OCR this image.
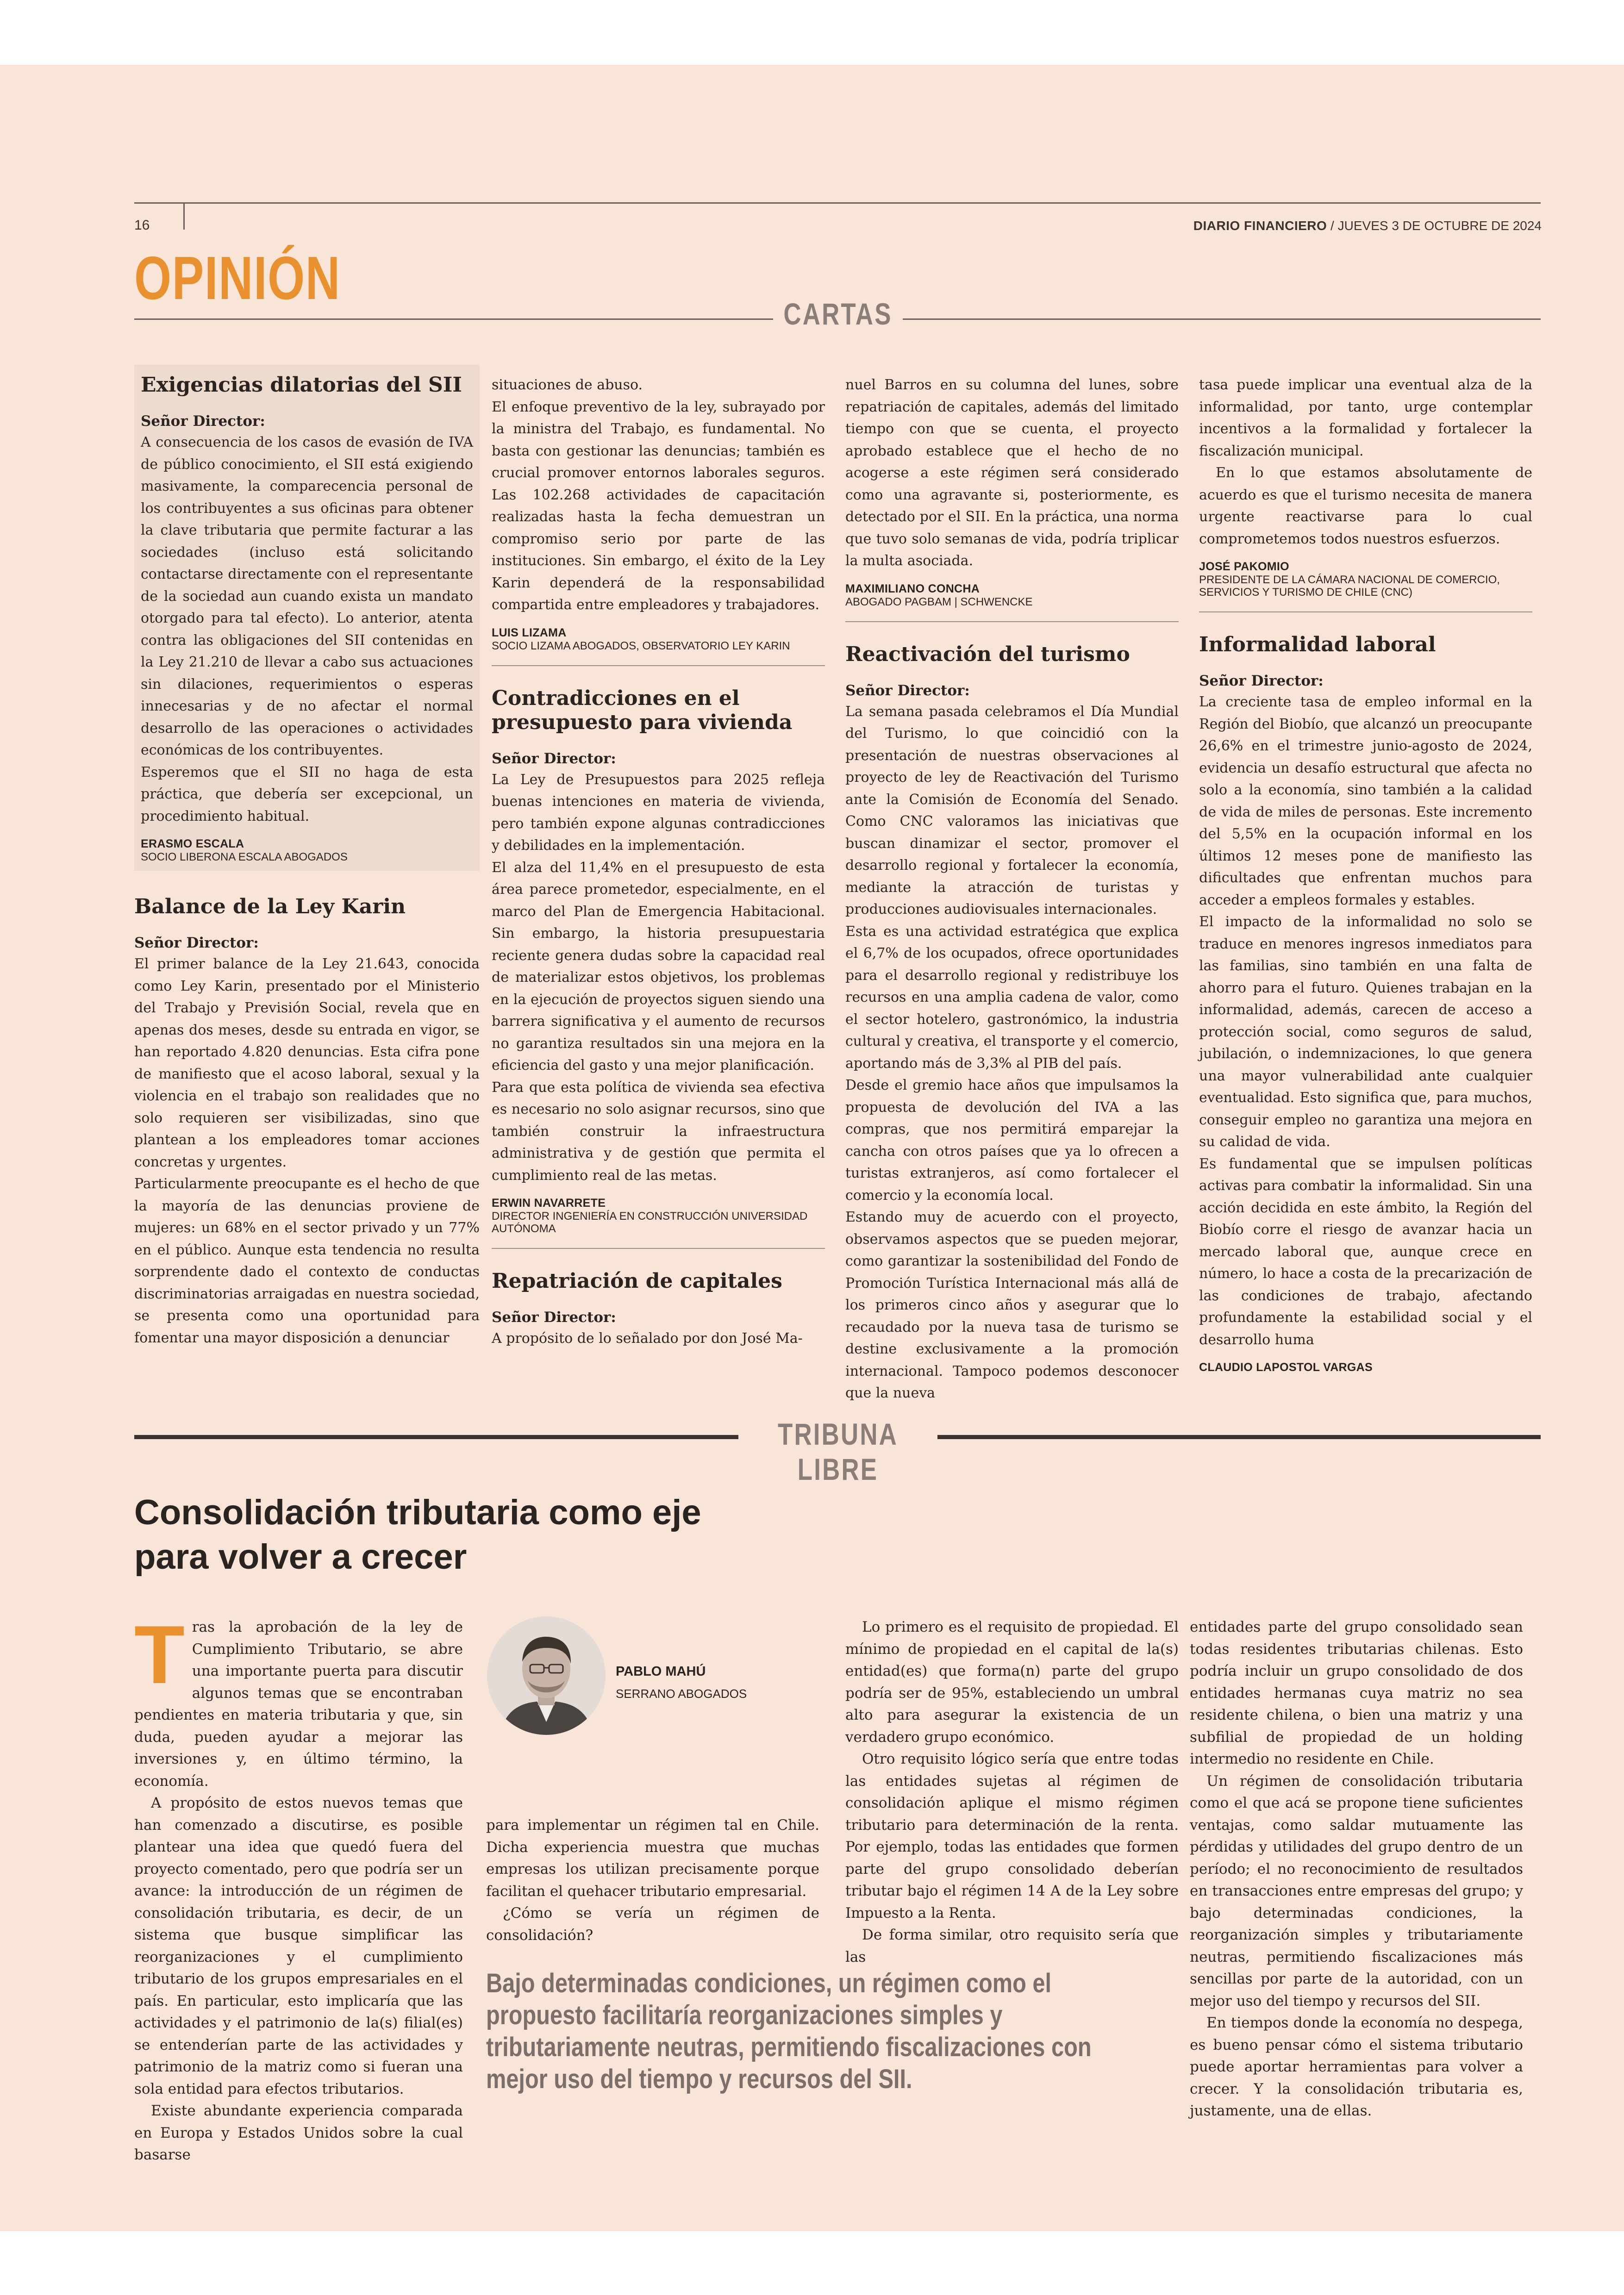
16	DIARIO FINANCIERO / JUEVES 3 DE OCTUBRE DE 2024
OPINIÓN
CARTAS
Exigencias dilatorias del SII

Señor Director:

A consecuencia de los casos de evasión de IVA de público conocimiento, el SII está exigiendo masivamente, la comparecencia personal de los contribuyentes a sus oficinas para obtener la clave tributaria que permite facturar a las sociedades (incluso está solicitando contactarse directamente con el representante de la sociedad aun cuando exista un mandato otorgado para tal efecto). Lo anterior, atenta contra las obligaciones del SII contenidas en la Ley 21.210 de llevar a cabo sus actuaciones sin dilaciones, requerimientos o esperas innecesarias y de no afectar el normal desarrollo de las operaciones o actividades económicas de los contribuyentes.

Esperemos que el SII no haga de esta práctica, que debería ser excepcional, un procedimiento habitual.

ERASMO ESCALA

SOCIO LIBERONA ESCALA ABOGADOS

Balance de la Ley Karin

Señor Director:

El primer balance de la Ley 21.643, conocida como Ley Karin, presentado por el Ministerio del Trabajo y Previsión Social, revela que en apenas dos meses, desde su entrada en vigor, se han reportado 4.820 denuncias. Esta cifra pone de manifiesto que el acoso laboral, sexual y la violencia en el trabajo son realidades que no solo requieren ser visibilizadas, sino que plantean a los empleadores tomar acciones concretas y urgentes.

Particularmente preocupante es el hecho de que la mayoría de las denuncias proviene de mujeres: un 68% en el sector privado y un 77% en el público. Aunque esta tendencia no resulta sorprendente dado el contexto de conductas discriminatorias arraigadas en nuestra sociedad, se presenta como una oportunidad para fomentar una mayor disposición a denunciar

situaciones de abuso.

El enfoque preventivo de la ley, subrayado por la ministra del Trabajo, es fundamental. No basta con gestionar las denuncias; también es crucial promover entornos laborales seguros. Las 102.268 actividades de capacitación realizadas hasta la fecha demuestran un compromiso serio por parte de las instituciones. Sin embargo, el éxito de la Ley Karin dependerá de la responsabilidad compartida entre empleadores y trabajadores.

LUIS LIZAMA

SOCIO LIZAMA ABOGADOS, OBSERVATORIO LEY KARIN

Contradicciones en el presupuesto para vivienda

Señor Director:

La Ley de Presupuestos para 2025 refleja buenas intenciones en materia de vivienda, pero también expone algunas contradicciones y debilidades en la implementación.

El alza del 11,4% en el presupuesto de esta área parece prometedor, especialmente, en el marco del Plan de Emergencia Habitacional. Sin embargo, la historia presupuestaria reciente genera dudas sobre la capacidad real de materializar estos objetivos, los problemas en la ejecución de proyectos siguen siendo una barrera significativa y el aumento de recursos no garantiza resultados sin una mejora en la eficiencia del gasto y una mejor planificación.

Para que esta política de vivienda sea efectiva es necesario no solo asignar recursos, sino que también construir la infraestructura administrativa y de gestión que permita el cumplimiento real de las metas.

ERWIN NAVARRETE

DIRECTOR INGENIERÍA EN CONSTRUCCIÓN UNIVERSIDAD AUTÓNOMA

Repatriación de capitales

Señor Director:

A propósito de lo señalado por don José Ma-

nuel Barros en su columna del lunes, sobre repatriación de capitales, además del limitado tiempo con que se cuenta, el proyecto aprobado establece que el hecho de no acogerse a este régimen será considerado como una agravante si, posteriormente, es detectado por el SII. En la práctica, una norma que tuvo solo semanas de vida, podría triplicar la multa asociada.

MAXIMILIANO CONCHA

ABOGADO PAGBAM | SCHWENCKE

Reactivación del turismo

Señor Director:

La semana pasada celebramos el Día Mundial del Turismo, lo que coincidió con la presentación de nuestras observaciones al proyecto de ley de Reactivación del Turismo ante la Comisión de Economía del Senado. Como CNC valoramos las iniciativas que buscan dinamizar el sector, promover el desarrollo regional y fortalecer la economía, mediante la atracción de turistas y producciones audiovisuales internacionales.

Esta es una actividad estratégica que explica el 6,7% de los ocupados, ofrece oportunidades para el desarrollo regional y redistribuye los recursos en una amplia cadena de valor, como el sector hotelero, gastronómico, la industria cultural y creativa, el transporte y el comercio, aportando más de 3,3% al PIB del país.

Desde el gremio hace años que impulsamos la propuesta de devolución del IVA a las compras, que nos permitirá emparejar la cancha con otros países que ya lo ofrecen a turistas extranjeros, así como fortalecer el comercio y la economía local.

Estando muy de acuerdo con el proyecto, observamos aspectos que se pueden mejorar, como garantizar la sostenibilidad del Fondo de Promoción Turística Internacional más allá de los primeros cinco años y asegurar que lo recaudado por la nueva tasa de turismo se destine exclusivamente a la promoción internacional. Tampoco podemos desconocer que la nueva

tasa puede implicar una eventual alza de la informalidad, por tanto, urge contemplar incentivos a la formalidad y fortalecer la fiscalización municipal.

En lo que estamos absolutamente de acuerdo es que el turismo necesita de manera urgente reactivarse para lo cual comprometemos todos nuestros esfuerzos.

JOSÉ PAKOMIO

PRESIDENTE DE LA CÁMARA NACIONAL DE COMERCIO, SERVICIOS Y TURISMO DE CHILE (CNC)

Informalidad laboral

Señor Director:

La creciente tasa de empleo informal en la Región del Biobío, que alcanzó un preocupante 26,6% en el trimestre junio-agosto de 2024, evidencia un desafío estructural que afecta no solo a la economía, sino también a la calidad de vida de miles de personas. Este incremento del 5,5% en la ocupación informal en los últimos 12 meses pone de manifiesto las dificultades que enfrentan muchos para acceder a empleos formales y estables.

El impacto de la informalidad no solo se traduce en menores ingresos inmediatos para las familias, sino también en una falta de ahorro para el futuro. Quienes trabajan en la informalidad, además, carecen de acceso a protección social, como seguros de salud, jubilación, o indemnizaciones, lo que genera una mayor vulnerabilidad ante cualquier eventualidad. Esto significa que, para muchos, conseguir empleo no garantiza una mejora en su calidad de vida.

Es fundamental que se impulsen políticas activas para combatir la informalidad. Sin una acción decidida en este ámbito, la Región del Biobío corre el riesgo de avanzar hacia un mercado laboral que, aunque crece en número, lo hace a costa de la precarización de las condiciones de trabajo, afectando profundamente la estabilidad social y el desarrollo huma

CLAUDIO LAPOSTOL VARGAS

TRIBUNA LIBRE
Consolidación tributaria como eje
para volver a crecer

Tras la aprobación de la ley de Cumplimiento Tributario, se abre una importante puerta para discutir algunos temas que se encontraban pendientes en materia tributaria y que, sin duda, pueden ayudar a mejorar las inversiones y, en último término, la economía.

A propósito de estos nuevos temas que han comenzado a discutirse, es posible plantear una idea que quedó fuera del proyecto comentado, pero que podría ser un avance: la introducción de un régimen de consolidación tributaria, es decir, de un sistema que busque simplificar las reorganizaciones y el cumplimiento tributario de los grupos empresariales en el país. En particular, esto implicaría que las actividades y el patrimonio de la(s) filial(es) se entenderían parte de las actividades y patrimonio de la matriz como si fueran una sola entidad para efectos tributarios.

Existe abundante experiencia comparada en Europa y Estados Unidos sobre la cual basarse

PABLO MAHÚ
SERRANO ABOGADOS

para implementar un régimen tal en Chile. Dicha experiencia muestra que muchas empresas los utilizan precisamente porque facilitan el quehacer tributario empresarial.

¿Cómo se vería un régimen de consolidación?

Bajo determinadas condiciones, un régimen como el propuesto facilitaría reorganizaciones simples y tributariamente neutras, permitiendo fiscalizaciones con mejor uso del tiempo y recursos del SII.

Lo primero es el requisito de propiedad. El mínimo de propiedad en el capital de la(s) entidad(es) que forma(n) parte del grupo podría ser de 95%, estableciendo un umbral alto para asegurar la existencia de un verdadero grupo económico.

Otro requisito lógico sería que entre todas las entidades sujetas al régimen de consolidación aplique el mismo régimen tributario para determinación de la renta. Por ejemplo, todas las entidades que formen parte del grupo consolidado deberían tributar bajo el régimen 14 A de la Ley sobre Impuesto a la Renta.

De forma similar, otro requisito sería que las

entidades parte del grupo consolidado sean todas residentes tributarias chilenas. Esto podría incluir un grupo consolidado de dos entidades hermanas cuya matriz no sea residente chilena, o bien una matriz y una subfilial de propiedad de un holding intermedio no residente en Chile.

Un régimen de consolidación tributaria como el que acá se propone tiene suficientes ventajas, como saldar mutuamente las pérdidas y utilidades del grupo dentro de un período; el no reconocimiento de resultados en transacciones entre empresas del grupo; y bajo determinadas condiciones, la reorganización simples y tributariamente neutras, permitiendo fiscalizaciones más sencillas por parte de la autoridad, con un mejor uso del tiempo y recursos del SII.

En tiempos donde la economía no despega, es bueno pensar cómo el sistema tributario puede aportar herramientas para volver a crecer. Y la consolidación tributaria es, justamente, una de ellas.
